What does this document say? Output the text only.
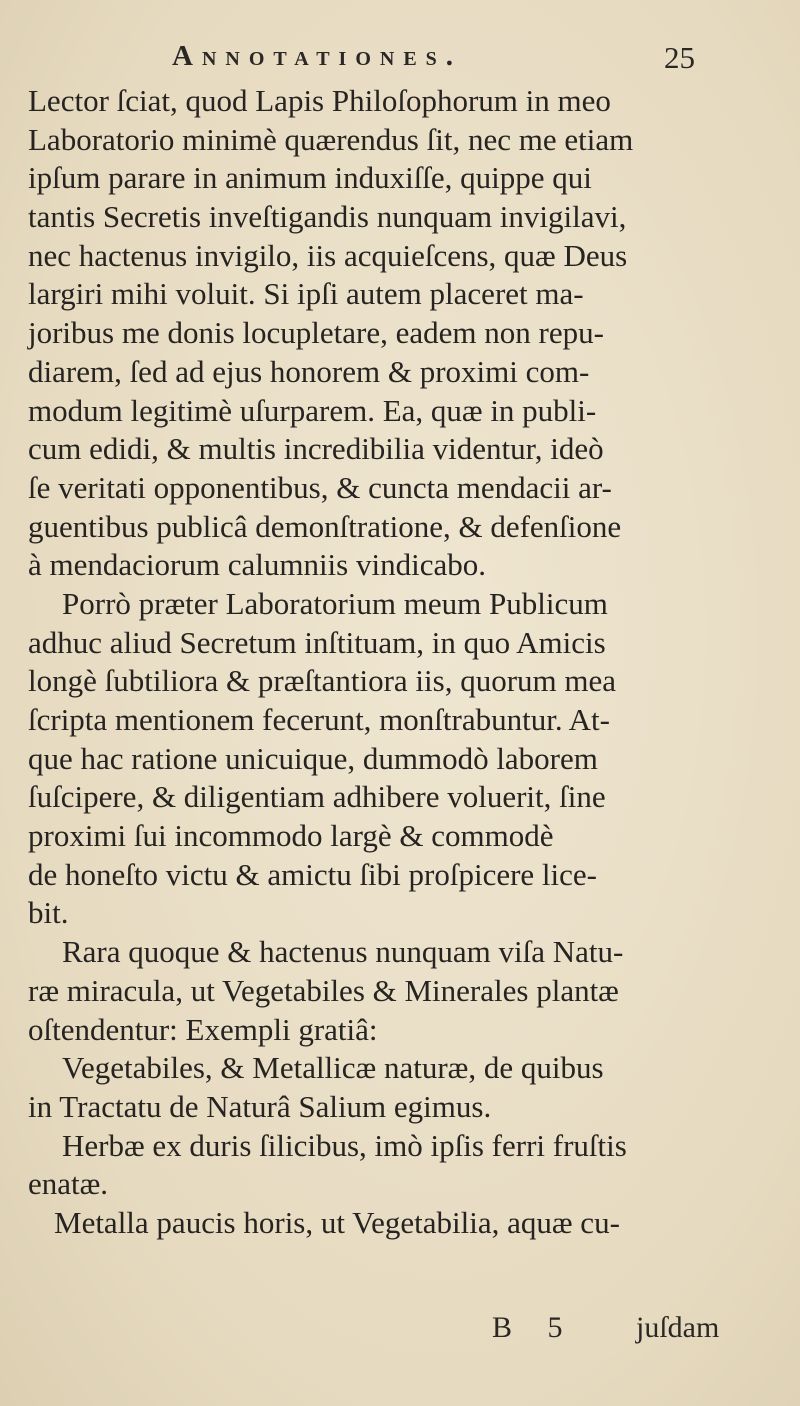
Annotationes.	25
Lector ſciat, quod Lapis Philoſophorum in meo
Laboratorio minimè quærendus ſit, nec me etiam
ipſum parare in animum induxiſſe, quippe qui
tantis Secretis inveſtigandis nunquam invigilavi,
nec hactenus invigilo, iis acquieſcens, quæ Deus
largiri mihi voluit. Si ipſi autem placeret ma-
joribus me donis locupletare, eadem non repu-
diarem, ſed ad ejus honorem & proximi com-
modum legitimè uſurparem. Ea, quæ in publi-
cum edidi, & multis incredibilia videntur, ideò
ſe veritati opponentibus, & cuncta mendacii ar-
guentibus publicâ demonſtratione, & defenſione
à mendaciorum calumniis vindicabo.
Porrò præter Laboratorium meum Publicum
adhuc aliud Secretum inſtituam, in quo Amicis
longè ſubtiliora & præſtantiora iis, quorum mea
ſcripta mentionem fecerunt, monſtrabuntur. At-
que hac ratione unicuique, dummodò laborem
ſuſcipere, & diligentiam adhibere voluerit, ſine
proximi ſui incommodo largè & commodè
de honeſto victu & amictu ſibi proſpicere lice-
bit.
Rara quoque & hactenus nunquam viſa Natu-
ræ miracula, ut Vegetabiles & Minerales plantæ
oſtendentur: Exempli gratiâ:
Vegetabiles, & Metallicæ naturæ, de quibus
in Tractatu de Naturâ Salium egimus.
Herbæ ex duris ſilicibus, imò ipſis ferri fruſtis
enatæ.
Metalla paucis horis, ut Vegetabilia, aquæ cu-
B 5 juſdam
